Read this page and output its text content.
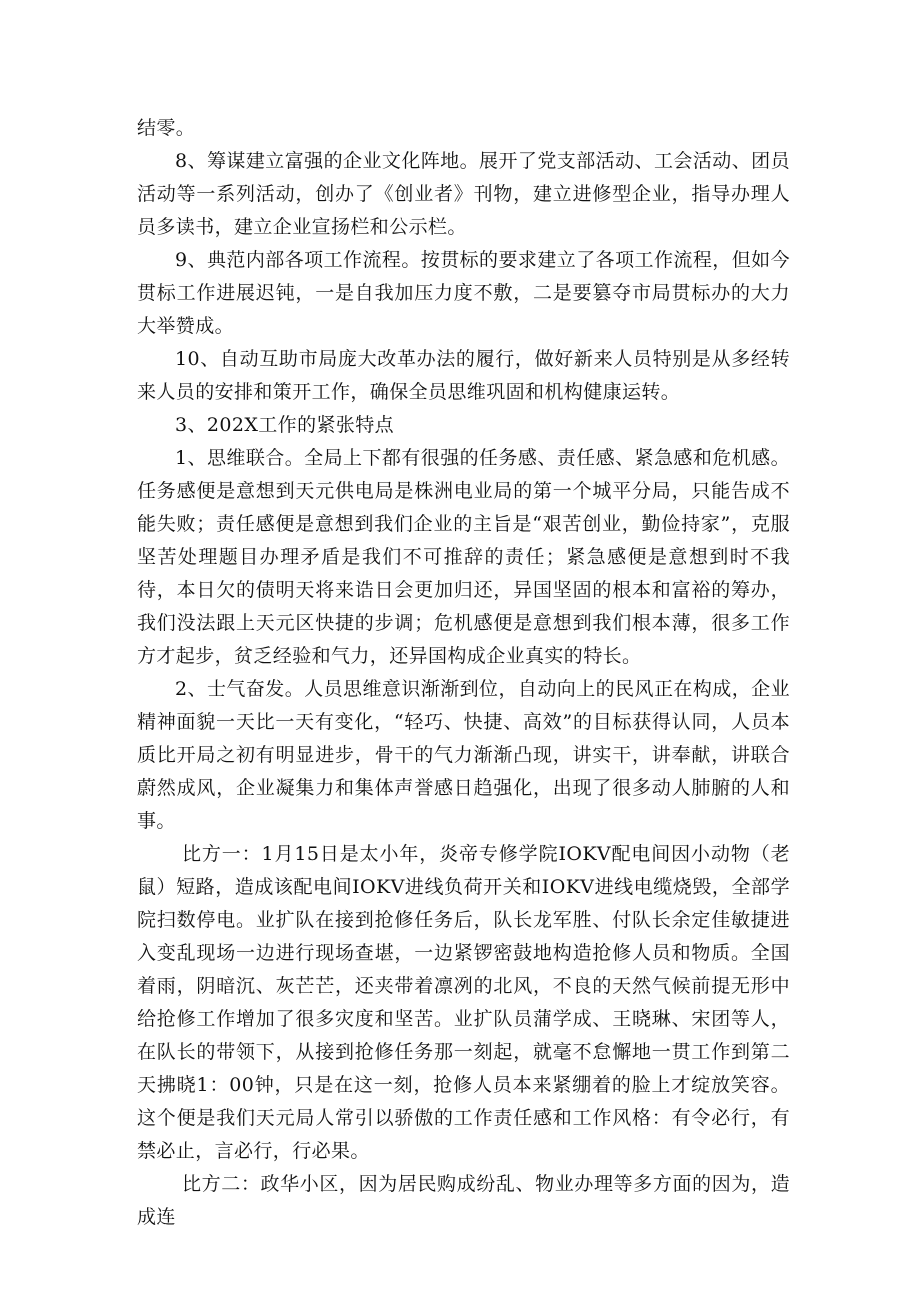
结零。

8、筹谋建立富强的企业文化阵地。展开了党支部活动、工会活动、团员活动等一系列活动，创办了《创业者》刊物，建立进修型企业，指导办理人员多读书，建立企业宣扬栏和公示栏。

9、典范内部各项工作流程。按贯标的要求建立了各项工作流程，但如今贯标工作进展迟钝，一是自我加压力度不敷，二是要篡夺市局贯标办的大力大举赞成。

10、自动互助市局庞大改革办法的履行，做好新来人员特别是从多经转来人员的安排和策开工作，确保全员思维巩固和机构健康运转。

3、202X工作的紧张特点

1、思维联合。全局上下都有很强的任务感、责任感、紧急感和危机感。任务感便是意想到天元供电局是株洲电业局的第一个城平分局，只能告成不能失败；责任感便是意想到我们企业的主旨是“艰苦创业，勤俭持家”，克服坚苦处理题目办理矛盾是我们不可推辞的责任；紧急感便是意想到时不我待，本日欠的债明天将来诰日会更加归还，异国坚固的根本和富裕的筹办，我们没法跟上天元区快捷的步调；危机感便是意想到我们根本薄，很多工作方才起步，贫乏经验和气力，还异国构成企业真实的特长。

2、士气奋发。人员思维意识渐渐到位，自动向上的民风正在构成，企业精神面貌一天比一天有变化，“轻巧、快捷、高效”的目标获得认同，人员本质比开局之初有明显进步，骨干的气力渐渐凸现，讲实干，讲奉献，讲联合蔚然成风，企业凝集力和集体声誉感日趋强化，出现了很多动人肺腑的人和事。

比方一：1月15日是太小年，炎帝专修学院IOKV配电间因小动物（老鼠）短路，造成该配电间IOKV进线负荷开关和IOKV进线电缆烧毁，全部学院扫数停电。业扩队在接到抢修任务后，队长龙军胜、付队长余定佳敏捷进入变乱现场一边进行现场查堪，一边紧锣密鼓地构造抢修人员和物质。全国着雨，阴暗沉、灰芒芒，还夹带着凛冽的北风，不良的天然气候前提无形中给抢修工作增加了很多灾度和坚苦。业扩队员蒲学成、王晓琳、宋团等人，在队长的带领下，从接到抢修任务那一刻起，就毫不怠懈地一贯工作到第二天拂晓1：00钟，只是在这一刻，抢修人员本来紧绷着的脸上才绽放笑容。这个便是我们天元局人常引以骄傲的工作责任感和工作风格：有令必行，有禁必止，言必行，行必果。

比方二：政华小区，因为居民购成纷乱、物业办理等多方面的因为，造成连
